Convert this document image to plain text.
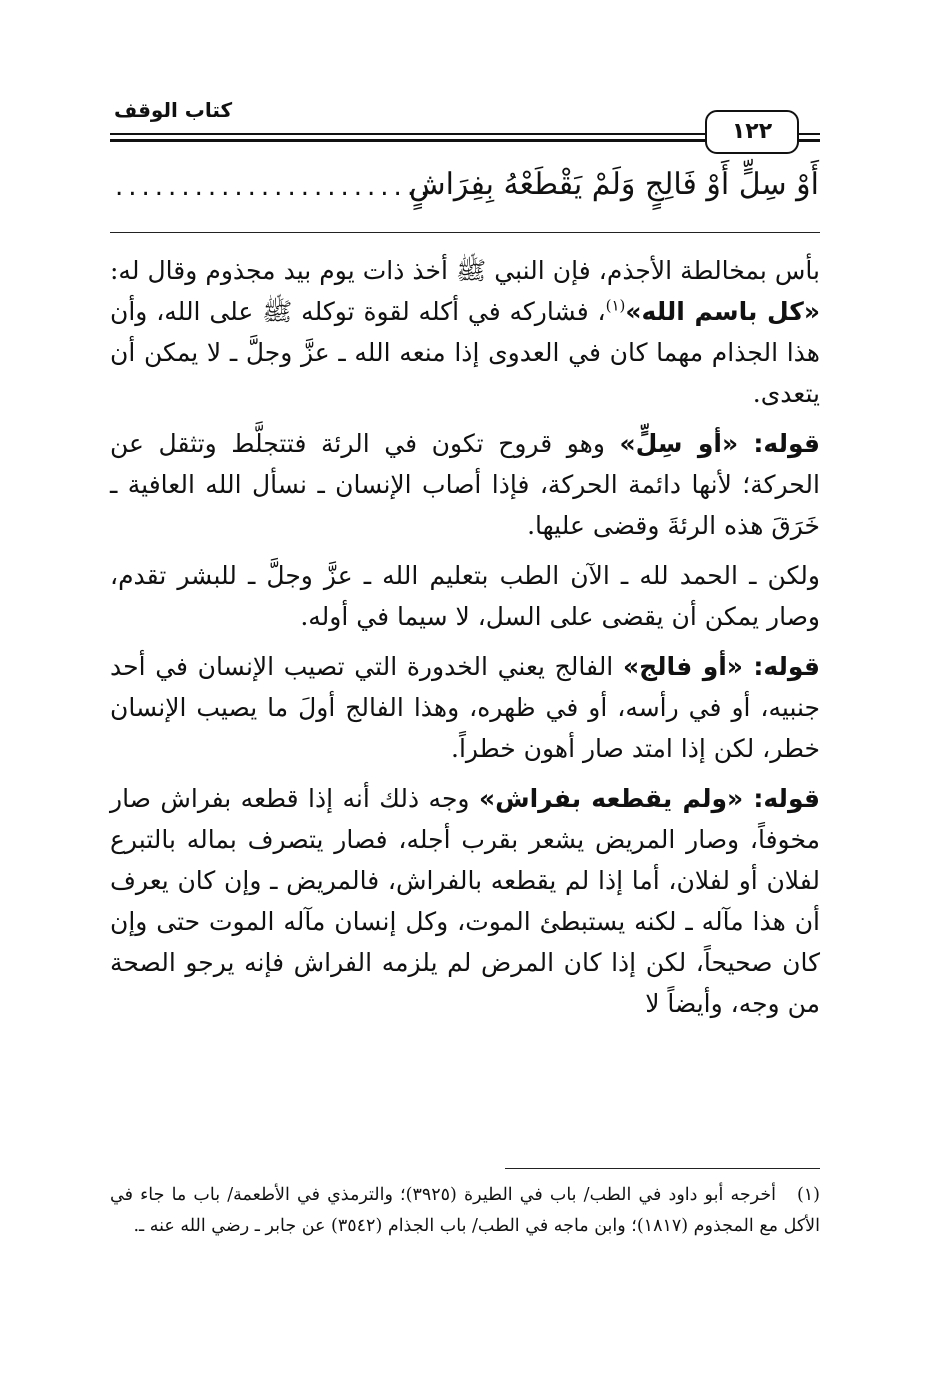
كتاب الوقف
١٢٢
أَوْ سِلٍّ أَوْ فَالِجٍ وَلَمْ يَقْطَعْهُ بِفِرَاشٍ
........................

بأس بمخالطة الأجذم، فإن النبي ﷺ أخذ ذات يوم بيد مجذوم وقال له: «كل باسم الله»$^{(١)}$، فشاركه في أكله لقوة توكله ﷺ على الله، وأن هذا الجذام مهما كان في العدوى إذا منعه الله ـ عزَّ وجلَّ ـ لا يمكن أن يتعدى.

قوله: «أو سِلٍّ» وهو قروح تكون في الرئة فتتجلَّط وتثقل عن الحركة؛ لأنها دائمة الحركة، فإذا أصاب الإنسان ـ نسأل الله العافية ـ خَرَقَ هذه الرئةَ وقضى عليها.

ولكن ـ الحمد لله ـ الآن الطب بتعليم الله ـ عزَّ وجلَّ ـ للبشر تقدم، وصار يمكن أن يقضى على السل، لا سيما في أوله.

قوله: «أو فالج» الفالج يعني الخدورة التي تصيب الإنسان في أحد جنبيه، أو في رأسه، أو في ظهره، وهذا الفالج أولَ ما يصيب الإنسان خطر، لكن إذا امتد صار أهون خطراً.

قوله: «ولم يقطعه بفراش» وجه ذلك أنه إذا قطعه بفراش صار مخوفاً، وصار المريض يشعر بقرب أجله، فصار يتصرف بماله بالتبرع لفلان أو لفلان، أما إذا لم يقطعه بالفراش، فالمريض ـ وإن كان يعرف أن هذا مآله ـ لكنه يستبطئ الموت، وكل إنسان مآله الموت حتى وإن كان صحيحاً، لكن إذا كان المرض لم يلزمه الفراش فإنه يرجو الصحة من وجه، وأيضاً لا

(١)أخرجه أبو داود في الطب/ باب في الطيرة (٣٩٢٥)؛ والترمذي في الأطعمة/ باب ما جاء في الأكل مع المجذوم (١٨١٧)؛ وابن ماجه في الطب/ باب الجذام (٣٥٤٢) عن جابر ـ رضي الله عنه ـ.
